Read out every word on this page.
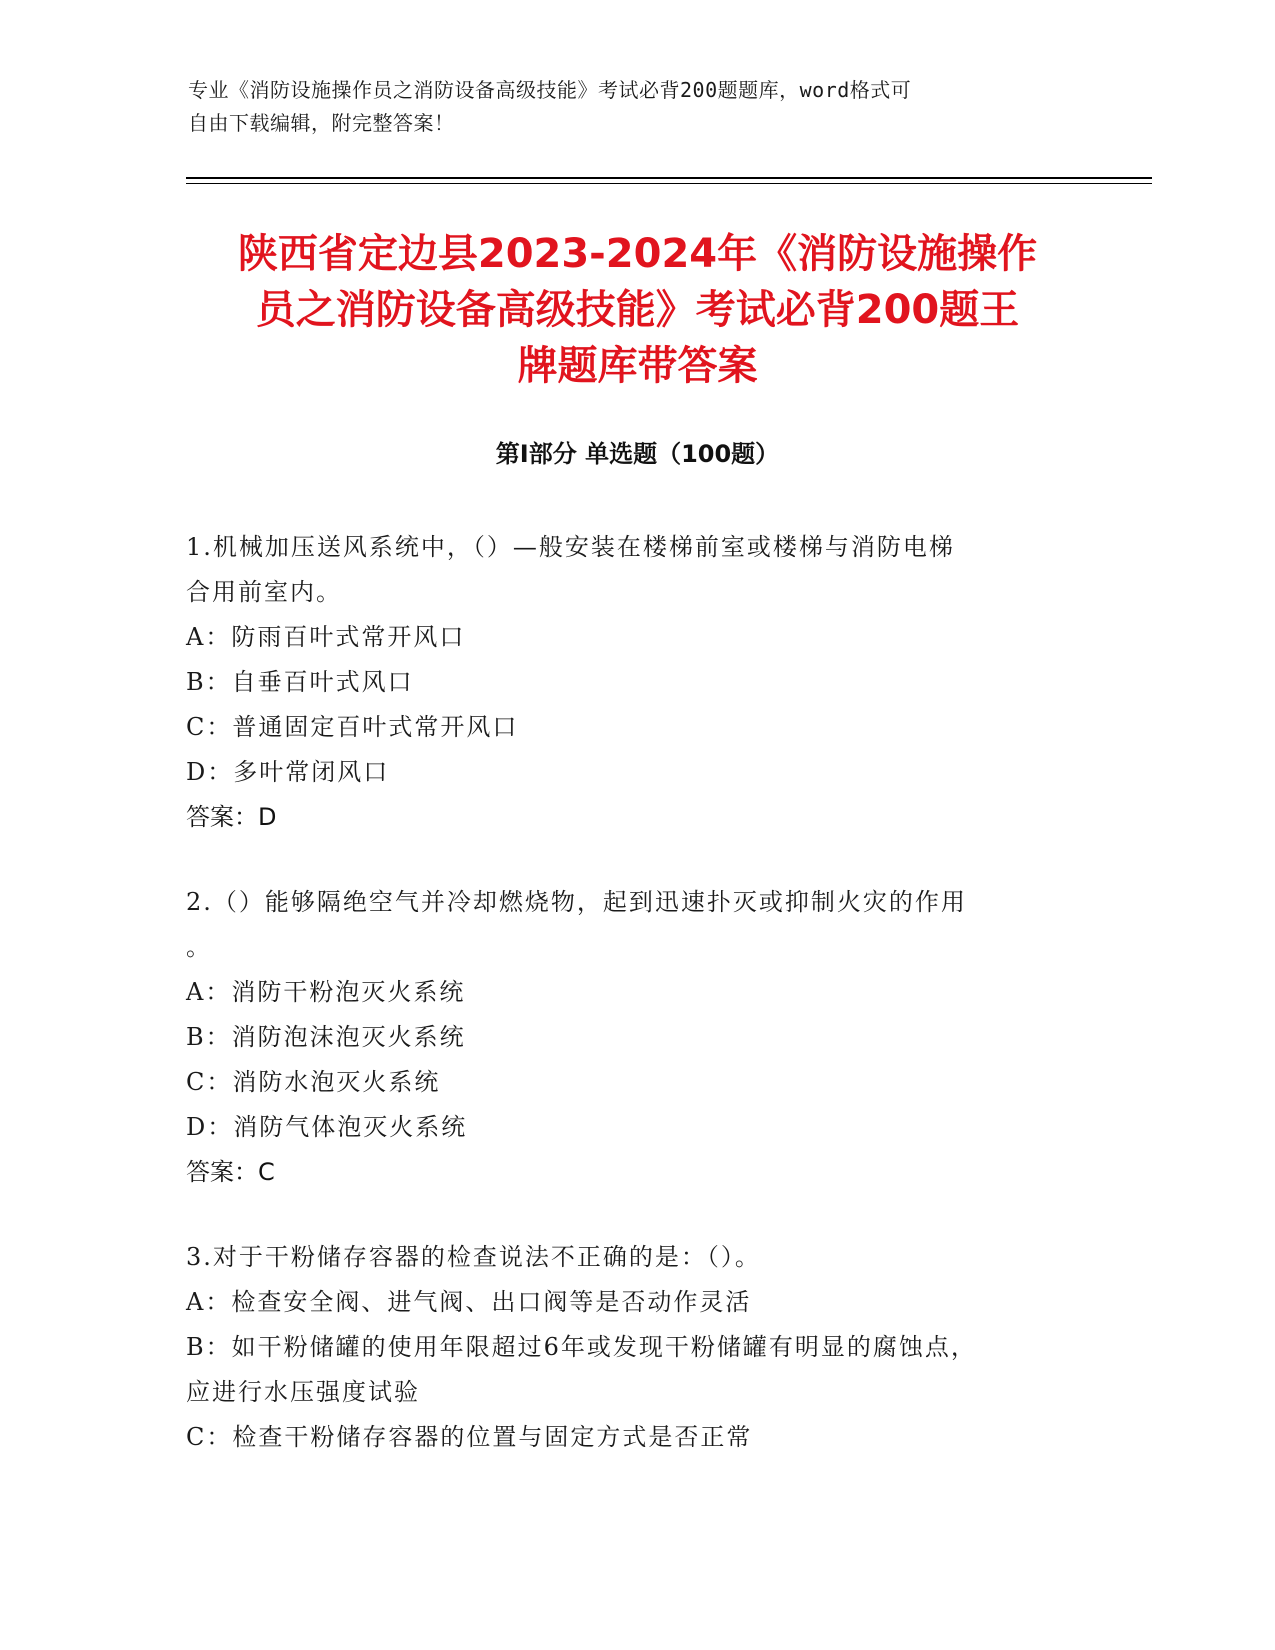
专业《消防设施操作员之消防设备高级技能》考试必背200题题库，word格式可
自由下载编辑，附完整答案！
陕西省定边县2023-2024年《消防设施操作
员之消防设备高级技能》考试必背200题王
牌题库带答案
第Ⅰ部分 单选题（100题）
1.机械加压送风系统中，（）—般安装在楼梯前室或楼梯与消防电梯
合用前室内。
A：防雨百叶式常开风口
B：自垂百叶式风口
C：普通固定百叶式常开风口
D：多叶常闭风口
答案：D
2.（）能够隔绝空气并冷却燃烧物，起到迅速扑灭或抑制火灾的作用
。
A：消防干粉泡灭火系统
B：消防泡沫泡灭火系统
C：消防水泡灭火系统
D：消防气体泡灭火系统
答案：C
3.对于干粉储存容器的检查说法不正确的是：（）。
A：检查安全阀、进气阀、出口阀等是否动作灵活
B：如干粉储罐的使用年限超过6年或发现干粉储罐有明显的腐蚀点，
应进行水压强度试验
C：检查干粉储存容器的位置与固定方式是否正常
